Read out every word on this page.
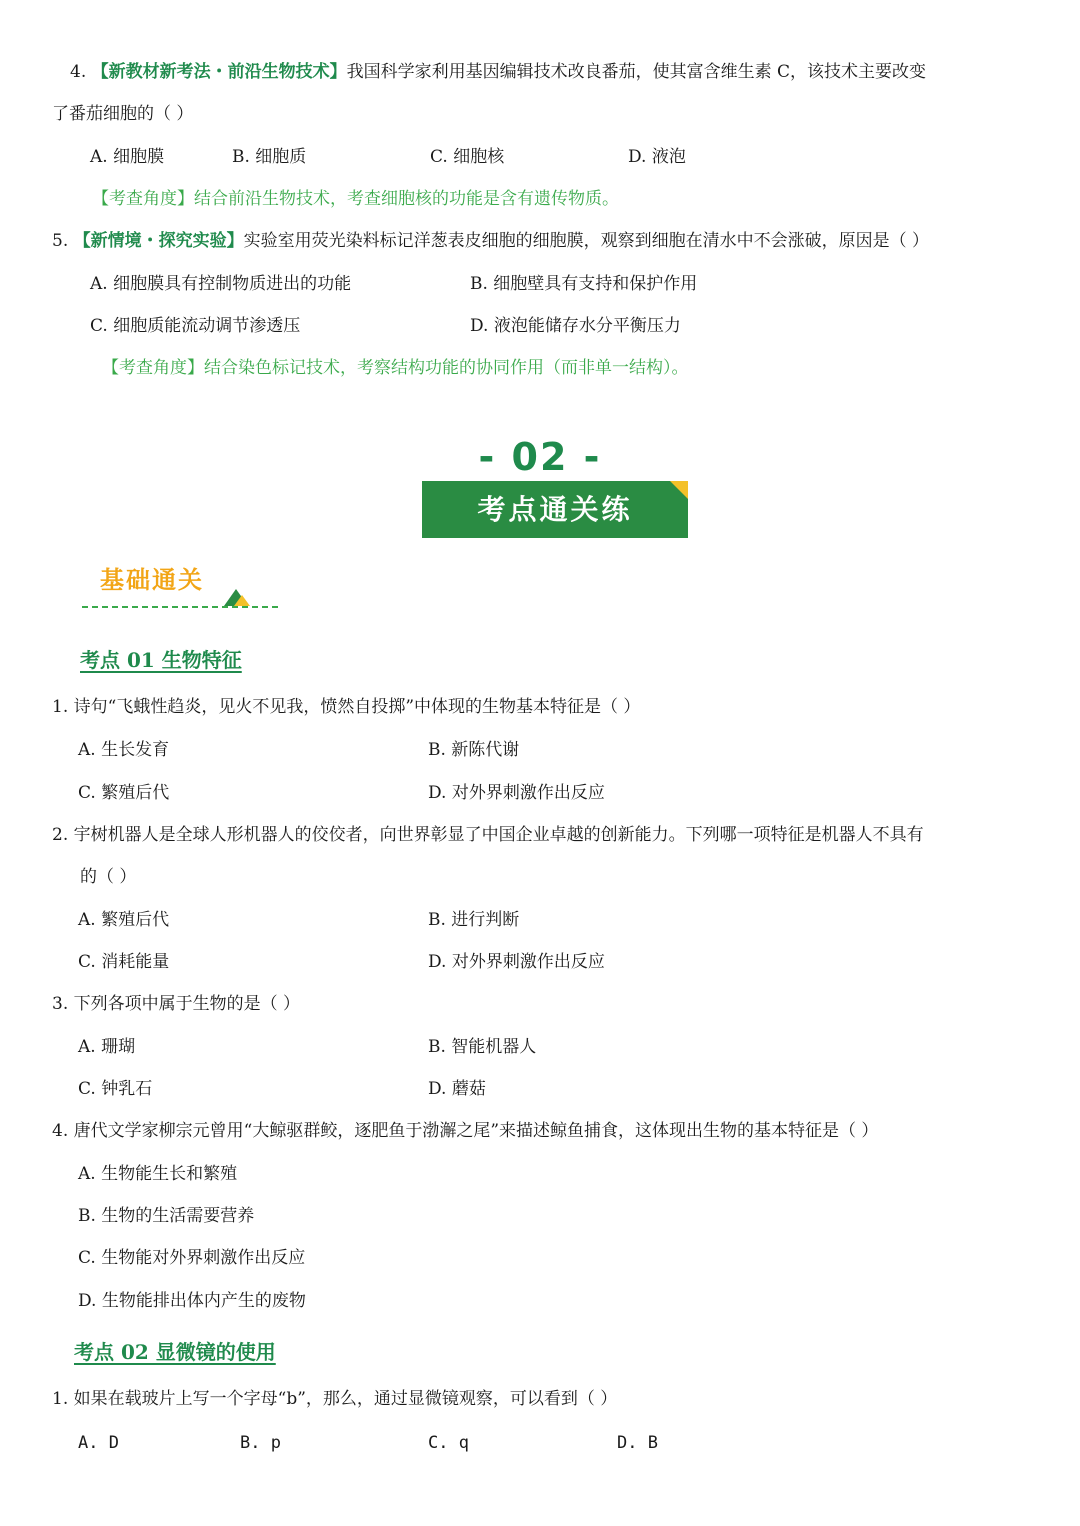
4. 【新教材新考法・前沿生物技术】我国科学家利用基因编辑技术改良番茄，使其富含维生素 C，该技术主要改变
了番茄细胞的（ ）
A. 细胞膜	B. 细胞质	C. 细胞核	D. 液泡
【考查角度】结合前沿生物技术，考查细胞核的功能是含有遗传物质。
5. 【新情境・探究实验】实验室用荧光染料标记洋葱表皮细胞的细胞膜，观察到细胞在清水中不会涨破，原因是（ ）
A. 细胞膜具有控制物质进出的功能	B. 细胞壁具有支持和保护作用
C. 细胞质能流动调节渗透压	D. 液泡能储存水分平衡压力
【考查角度】结合染色标记技术，考察结构功能的协同作用（而非单一结构）。
- 02 -
考点通关练
基础通关
考点 01 生物特征
1. 诗句“飞蛾性趋炎，见火不见我，愤然自投掷”中体现的生物基本特征是（ ）
A. 生长发育	B. 新陈代谢
C. 繁殖后代	D. 对外界刺激作出反应
2. 宇树机器人是全球人形机器人的佼佼者，向世界彰显了中国企业卓越的创新能力。下列哪一项特征是机器人不具有
的（ ）
A. 繁殖后代	B. 进行判断
C. 消耗能量	D. 对外界刺激作出反应
3. 下列各项中属于生物的是（ ）
A. 珊瑚	B. 智能机器人
C. 钟乳石	D. 蘑菇
4. 唐代文学家柳宗元曾用“大鲸驱群鲛，逐肥鱼于渤澥之尾”来描述鲸鱼捕食，这体现出生物的基本特征是（ ）
A. 生物能生长和繁殖
B. 生物的生活需要营养
C. 生物能对外界刺激作出反应
D. 生物能排出体内产生的废物
考点 02 显微镜的使用
1. 如果在载玻片上写一个字母“b”，那么，通过显微镜观察，可以看到（ ）
A. D	B. p	C. q	D. B
